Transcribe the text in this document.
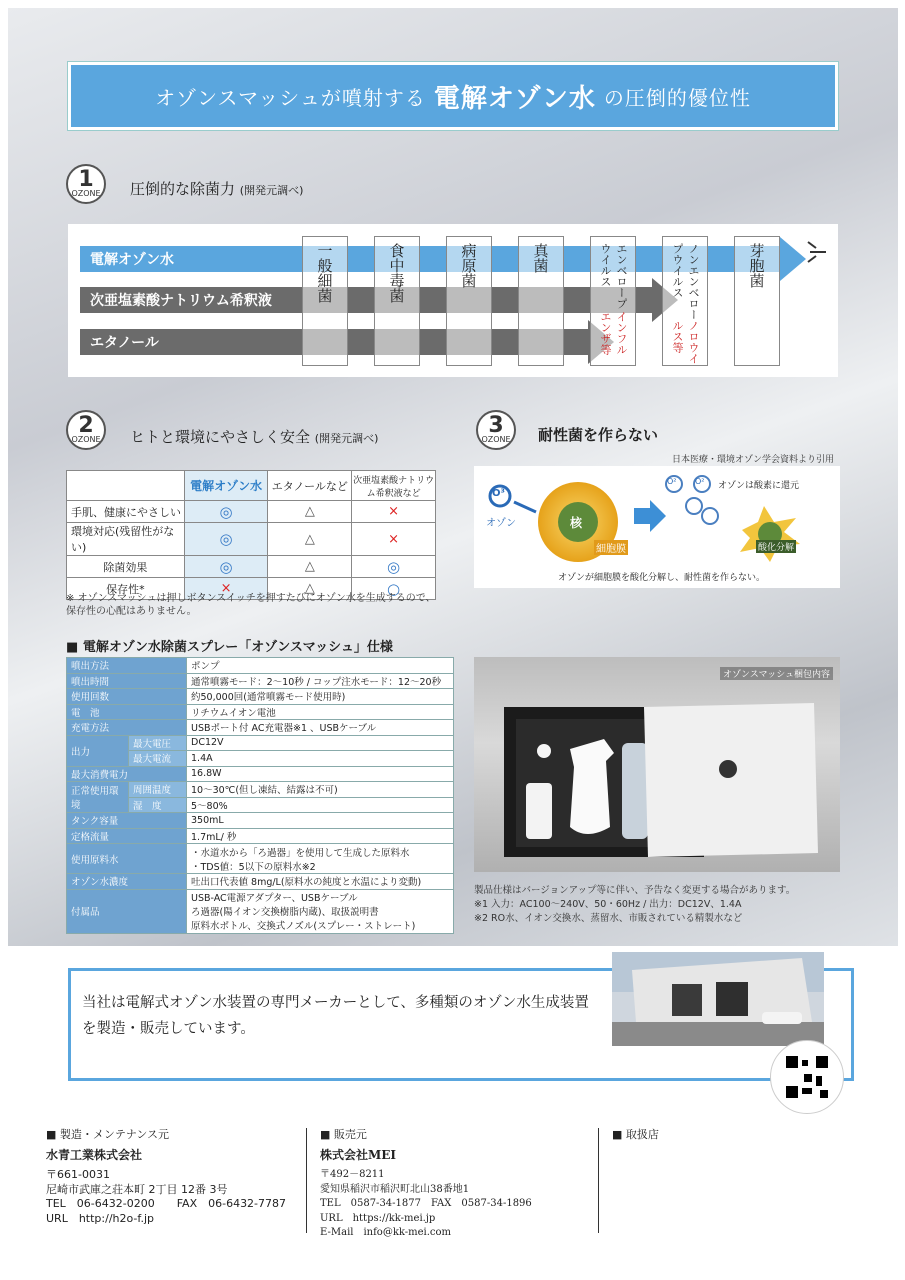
オゾンスマッシュが噴射する 電解オゾン水 の圧倒的優位性
1
OZONE 圧倒的な除菌力 (開発元調べ)
電解オゾン水
次亜塩素酸ナトリウム希釈液
エタノール
一般細菌	食中毒菌	病原菌	真菌	エンベロープウイルス
インフルエンザ等
ノンエンベロープウイルス
ノロウイルス等
芽胞菌
2
OZONE ヒトと環境にやさしく安全 (開発元調べ)
	電解オゾン水	エタノールなど	次亜塩素酸ナトリウム希釈液など
手肌、健康にやさしい	◎	△	×
環境対応(残留性がない)	◎	△	×
除菌効果	◎	△	◎
保存性*	×	△	○
※ オゾンスマッシュは押しボタンスイッチを押すたびにオゾン水を生成するので、保存性の心配はありません。
3
OZONE 耐性菌を作らない
日本医療・環境オゾン学会資料より引用
O³
オゾン	核
細胞膜
O² O² オゾンは酸素に還元
酸化分解
オゾンが細胞膜を酸化分解し、耐性菌を作らない。
■ 電解オゾン水除菌スプレー「オゾンスマッシュ」仕様
噴出方法		ポンプ
噴出時間		通常噴霧モード：2～10秒 / コップ注水モード：12～20秒
使用回数		約50,000回(通常噴霧モード使用時)
電　池		リチウムイオン電池
充電方法		USBポート付 AC充電器※1 、USBケーブル
出力	最大電圧	DC12V
	最大電流	1.4A
最大消費電力		16.8W
正常使用環境	周囲温度	10～30℃(但し凍結、結露は不可)
	湿　度	5～80%
タンク容量		350mL
定格流量		1.7mL/ 秒
使用原料水		・水道水から「ろ過器」を使用して生成した原料水
・TDS値：5以下の原料水※2

オゾン水濃度		吐出口代表値 8mg/L(原料水の純度と水温により変動)
付属品		USB-AC電源アダプター、USBケーブル
ろ過器(陽イオン交換樹脂内蔵)、取扱説明書
原料水ボトル、交換式ノズル(スプレー・ストレート)
オゾンスマッシュ梱包内容
製品仕様はバージョンアップ等に伴い、予告なく変更する場合があります。
※1 入力：AC100～240V、50・60Hz / 出力：DC12V、1.4A
※2 RO水、イオン交換水、蒸留水、市販されている精製水など
当社は電解式オゾン水装置の専門メーカーとして、多種類のオゾン水生成装置を製造・販売しています。
■ 製造・メンテナンス元
水青工業株式会社
〒661-0031
尼崎市武庫之荘本町 2丁目 12番 3号
TEL　06-6432-0200　　FAX　06-6432-7787
URL　http://h2o-f.jp
■ 販売元
株式会社MEI
〒492－8211
愛知県稲沢市稲沢町北山38番地1
TEL　0587-34-1877　FAX　0587-34-1896
URL　https://kk-mei.jp
E-Mail　info@kk-mei.com
■ 取扱店
